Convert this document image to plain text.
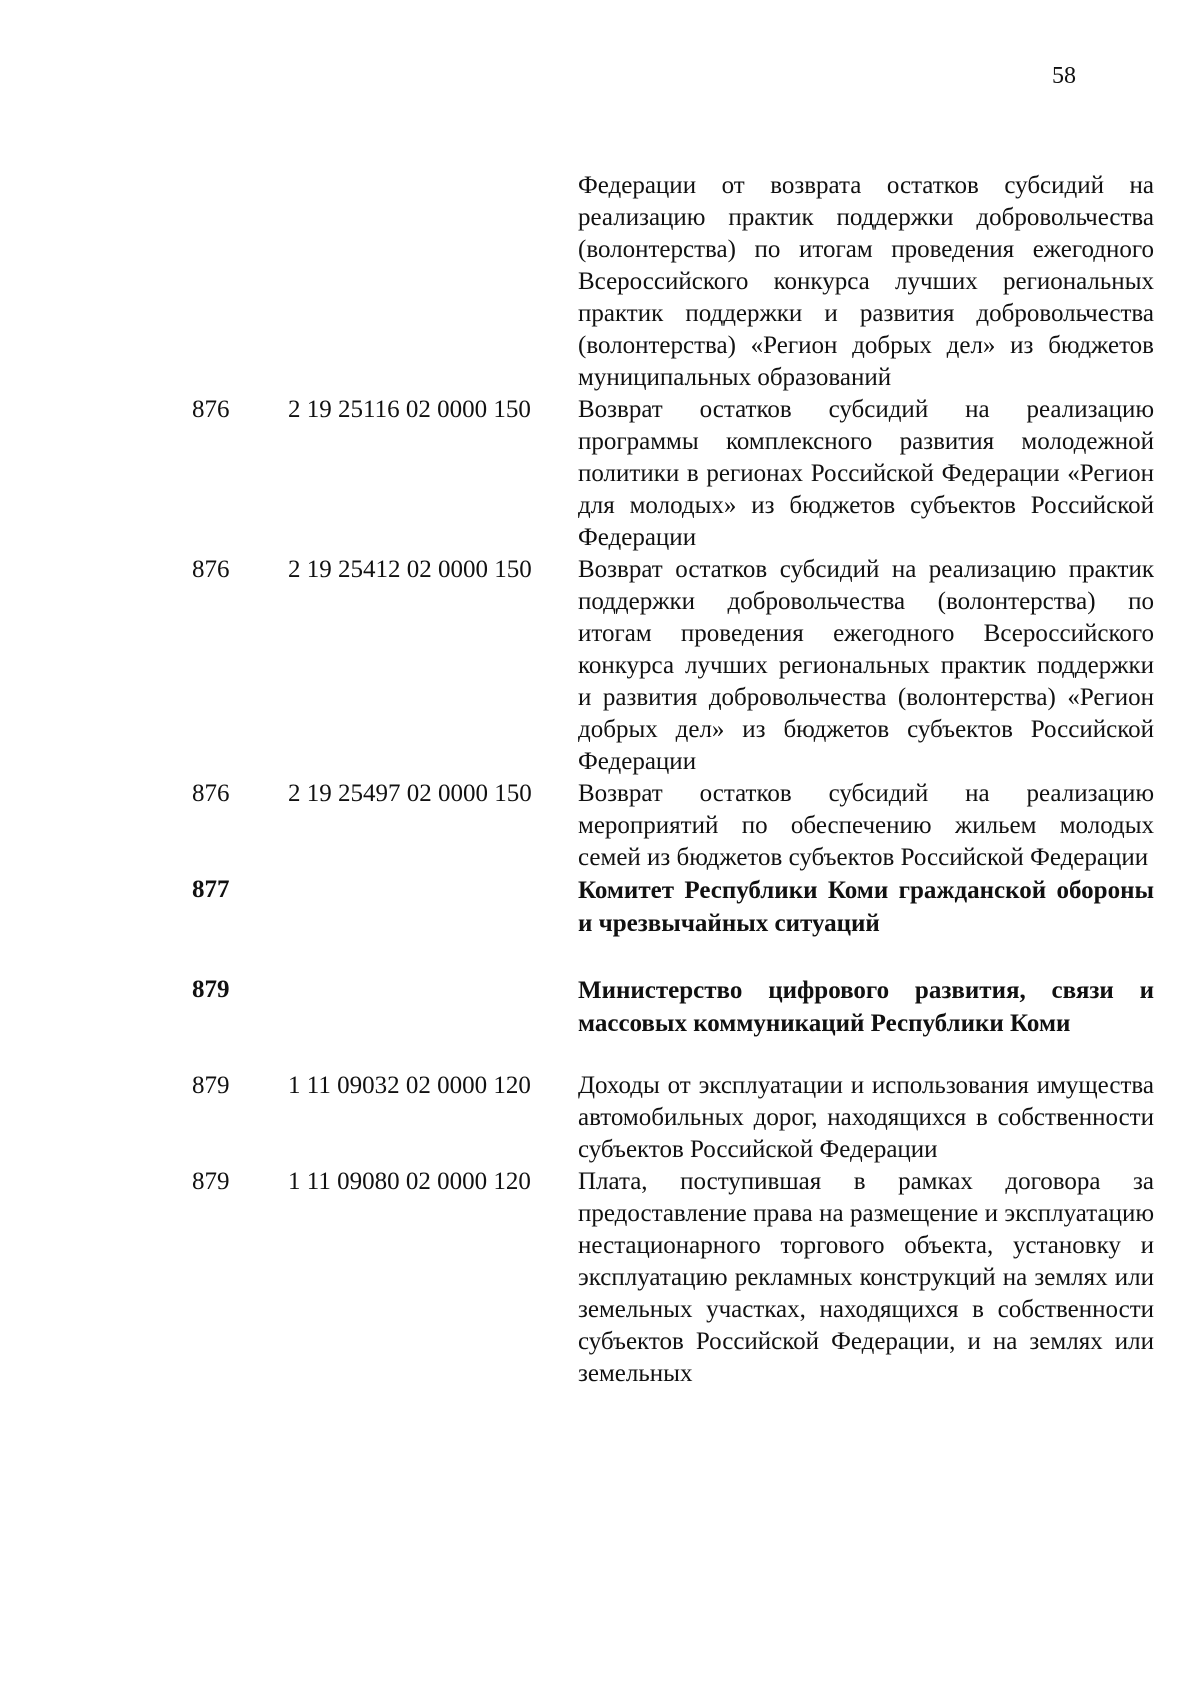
58
Федерации от возврата остатков субсидий на реализацию практик поддержки добровольчества (волонтерства) по итогам проведения ежегодного Всероссийского конкурса лучших региональных практик поддержки и развития добровольчества (волонтерства) «Регион добрых дел» из бюджетов муниципальных образований
876 2 19 25116 02 0000 150 Возврат остатков субсидий на реализацию программы комплексного развития молодежной политики в регионах Российской Федерации «Регион для молодых» из бюджетов субъектов Российской Федерации
876 2 19 25412 02 0000 150 Возврат остатков субсидий на реализацию практик поддержки добровольчества (волонтерства) по итогам проведения ежегодного Всероссийского конкурса лучших региональных практик поддержки и развития добровольчества (волонтерства) «Регион добрых дел» из бюджетов субъектов Российской Федерации
876 2 19 25497 02 0000 150 Возврат остатков субсидий на реализацию мероприятий по обеспечению жильем молодых семей из бюджетов субъектов Российской Федерации
877	Комитет Республики Коми гражданской обороны и чрезвычайных ситуаций
879	Министерство цифрового развития, связи и массовых коммуникаций Республики Коми
879 1 11 09032 02 0000 120 Доходы от эксплуатации и использования имущества автомобильных дорог, находящихся в собственности субъектов Российской Федерации
879 1 11 09080 02 0000 120 Плата, поступившая в рамках договора за предоставление права на размещение и эксплуатацию нестационарного торгового объекта, установку и эксплуатацию рекламных конструкций на землях или земельных участках, находящихся в собственности субъектов Российской Федерации, и на землях или земельных
